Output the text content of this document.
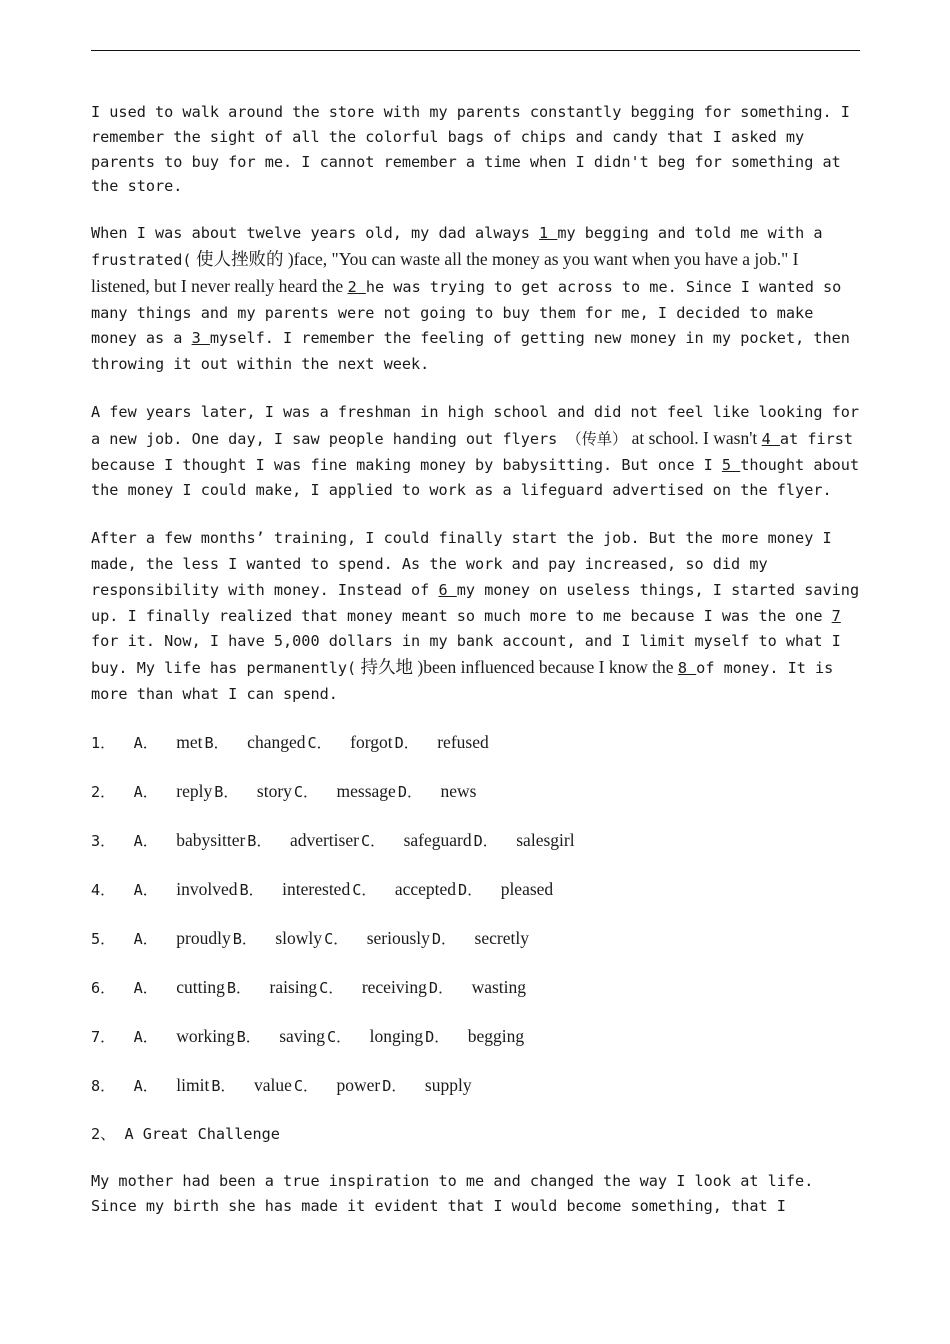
I used to walk around the store with my parents constantly begging for something. I remember the sight of all the colorful bags of chips and candy that I asked my parents to buy for me. I cannot remember a time when I didn't beg for something at the store.

When I was about twelve years old, my dad always 1 my begging and told me with a frustrated( 使人挫败的 )face, "You can waste all the money as you want when you have a job." I listened, but I never really heard the 2 he was trying to get across to me. Since I wanted so many things and my parents were not going to buy them for me, I decided to make money as a 3 myself. I remember the feeling of getting new money in my pocket, then throwing it out within the next week.

A few years later, I was a freshman in high school and did not feel like looking for a new job. One day, I saw people handing out flyers （传单） at school. I wasn't 4 at first because I thought I was fine making money by babysitting. But once I 5 thought about the money I could make, I applied to work as a lifeguard advertised on the flyer.

After a few months’ training, I could finally start the job. But the more money I made, the less I wanted to spend. As the work and pay increased, so did my responsibility with money. Instead of 6 my money on useless things, I started saving up. I finally realized that money meant so much more to me because I was the one 7 for it. Now, I have 5,000 dollars in my bank account, and I limit myself to what I buy. My life has permanently( 持久地 )been influenced because I know the 8 of money. It is more than what I can spend.

1． A． met B． changed C． forgot D． refused
2． A． reply B． story C． message D． news
3． A． babysitter B． advertiser C． safeguard D． salesgirl
4． A． involved B． interested C． accepted D． pleased
5． A． proudly B． slowly C． seriously D． secretly
6． A． cutting B． raising C． receiving D． wasting
7． A． working B． saving C． longing D． begging
8． A． limit B． value C． power D． supply
2、 A Great Challenge

My mother had been a true inspiration to me and changed the way I look at life. Since my birth she has made it evident that I would become something, that I
